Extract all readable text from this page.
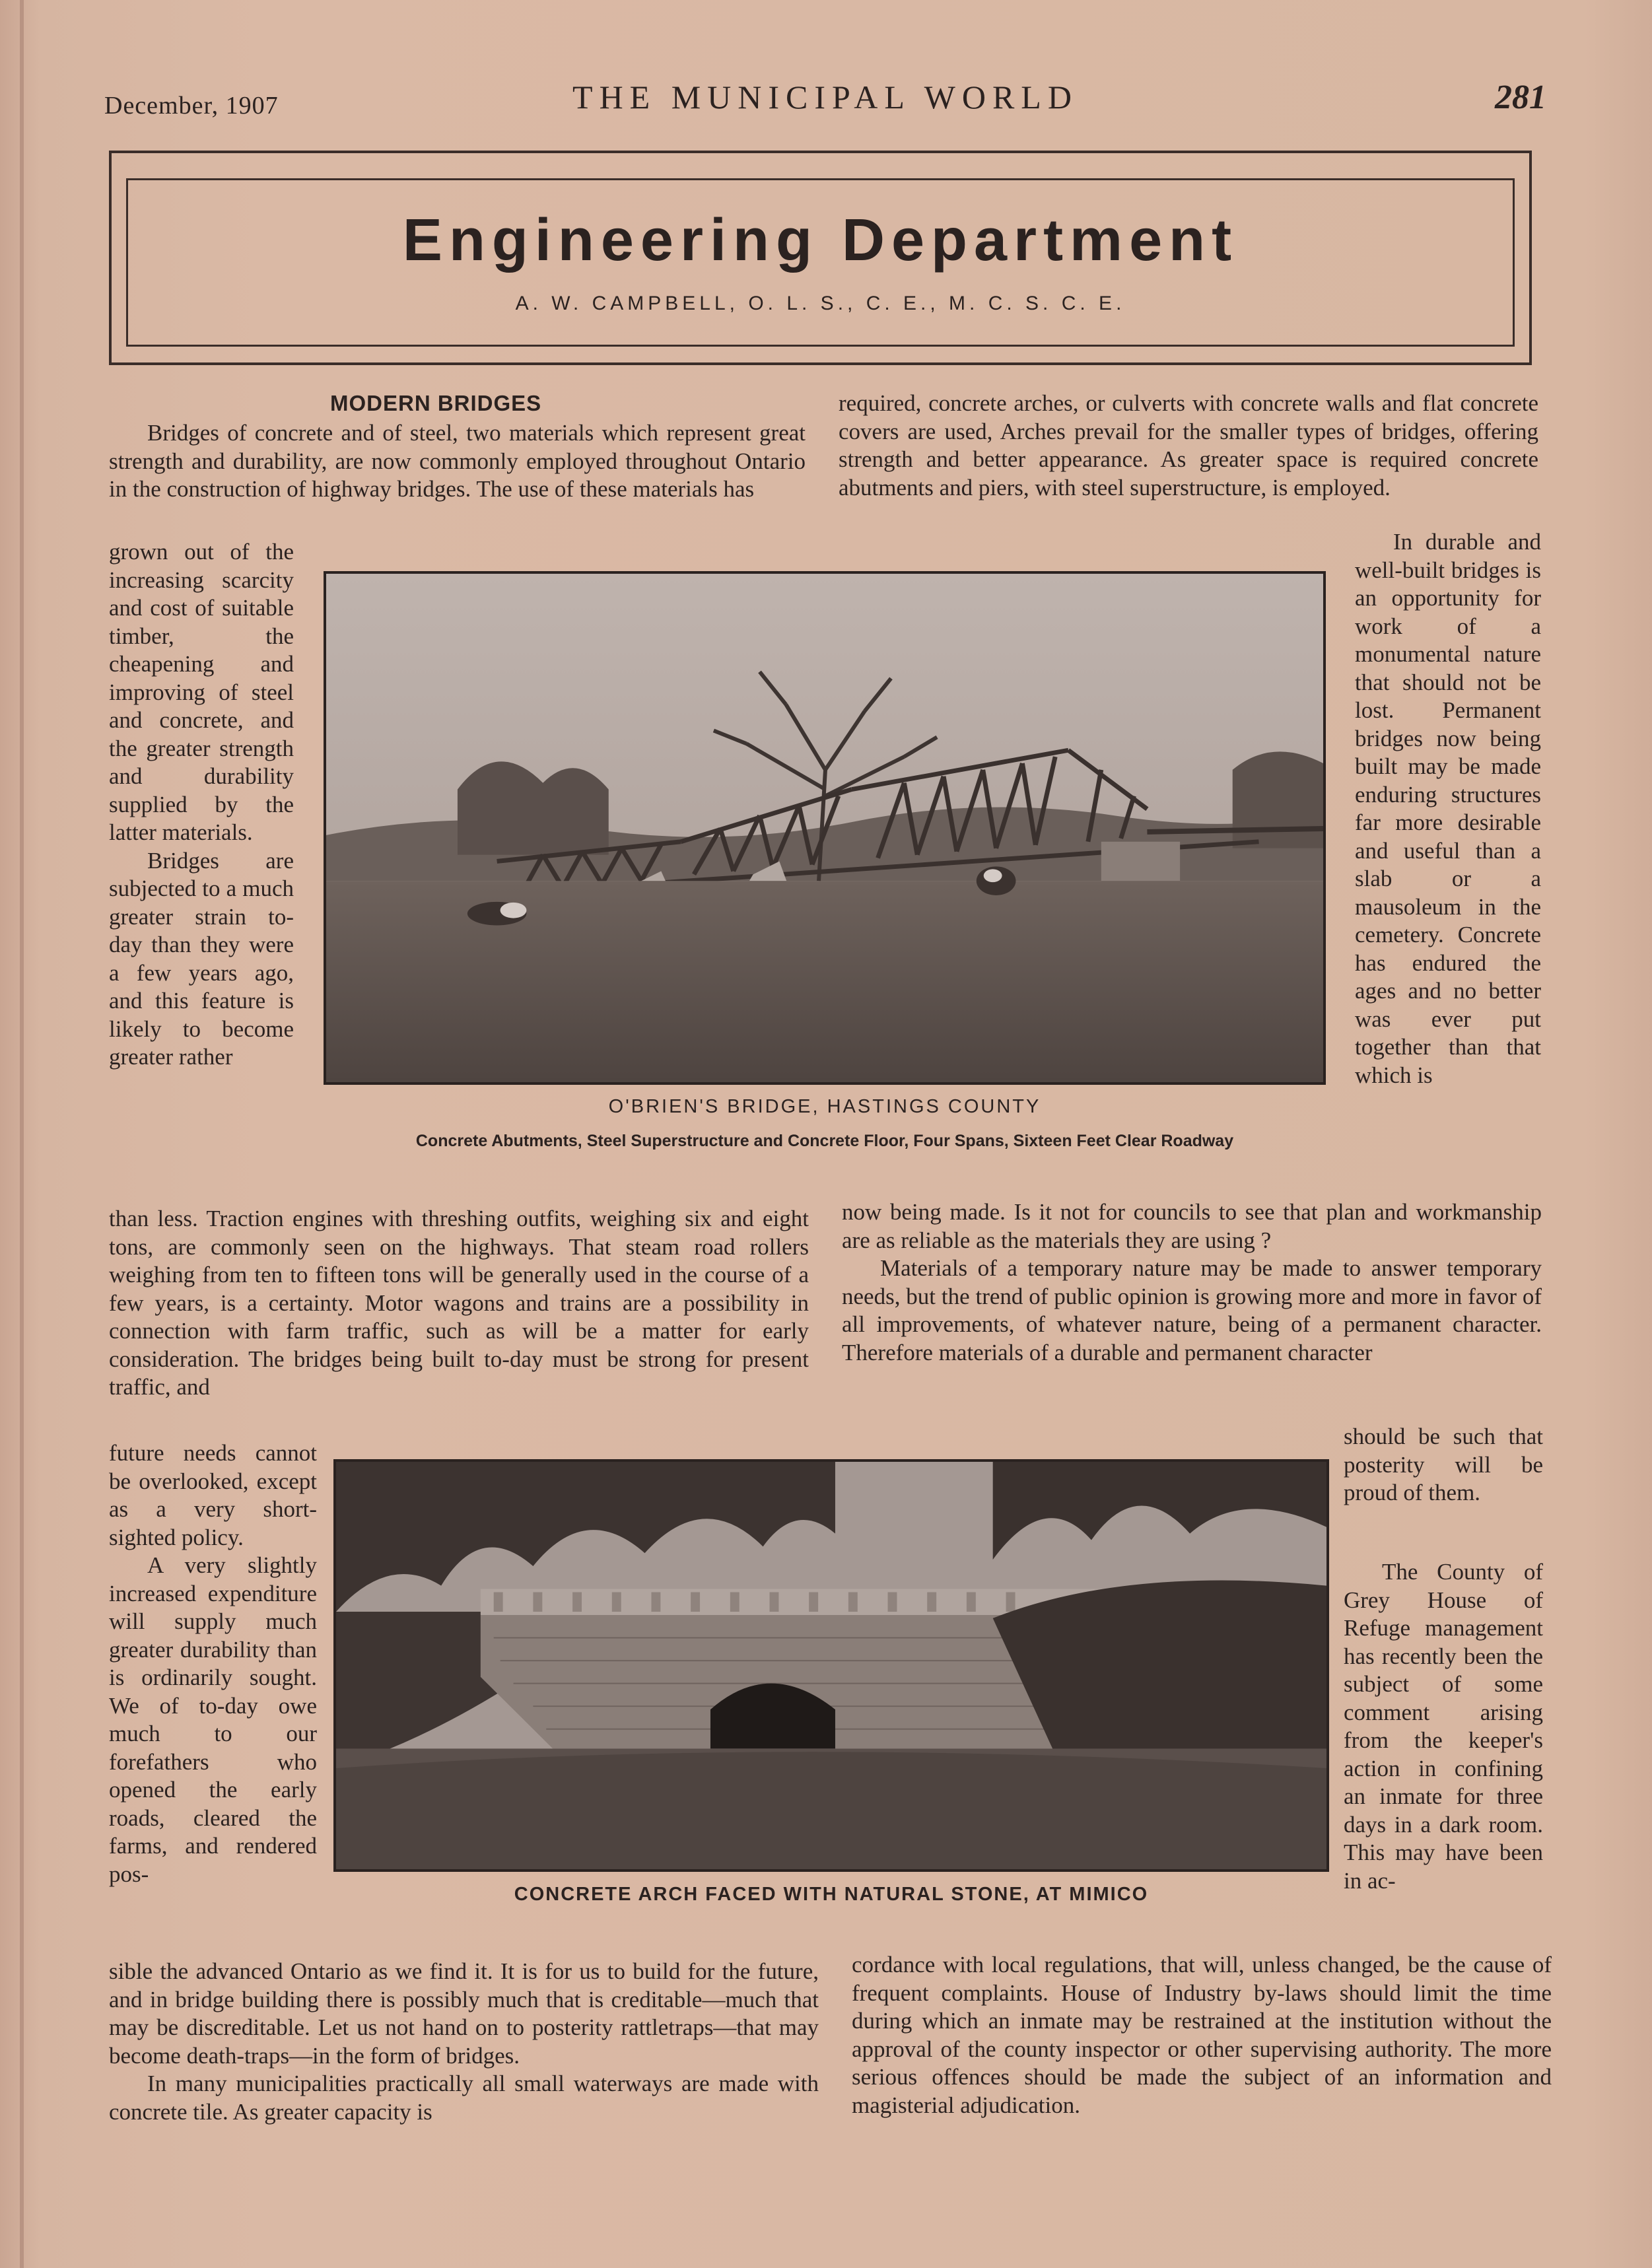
December, 1907	THE MUNICIPAL WORLD	281
Engineering Department
A. W. CAMPBELL, O. L. S., C. E., M. C. S. C. E.
MODERN BRIDGES

Bridges of concrete and of steel, two materials which represent great strength and durability, are now commonly employed throughout Ontario in the construction of highway bridges. The use of these materials has

grown out of the increasing scarcity and cost of suitable timber, the cheapening and improving of steel and concrete, and the greater strength and durability supplied by the latter materials.

Bridges are subjected to a much greater strain to-day than they were a few years ago, and this feature is likely to become greater rather

than less. Traction engines with threshing outfits, weighing six and eight tons, are commonly seen on the highways. That steam road rollers weighing from ten to fifteen tons will be generally used in the course of a few years, is a certainty. Motor wagons and trains are a possibility in connection with farm traffic, such as will be a matter for early consideration. The bridges being built to-day must be strong for present traffic, and

future needs cannot be overlooked, except as a very short-sighted policy.

A very slightly increased expenditure will supply much greater durability than is ordinarily sought. We of to-day owe much to our forefathers who opened the early roads, cleared the farms, and rendered pos-

sible the advanced Ontario as we find it. It is for us to build for the future, and in bridge building there is possibly much that is creditable—much that may be discreditable. Let us not hand on to posterity rattletraps—that may become death-traps—in the form of bridges.

In many municipalities practically all small waterways are made with concrete tile. As greater capacity is

required, concrete arches, or culverts with concrete walls and flat concrete covers are used, Arches prevail for the smaller types of bridges, offering strength and better appearance. As greater space is required concrete abutments and piers, with steel superstructure, is employed.

In durable and well-built bridges is an opportunity for work of a monumental nature that should not be lost. Permanent bridges now being built may be made enduring structures far more desirable and useful than a slab or a mausoleum in the cemetery. Concrete has endured the ages and no better was ever put together than that which is

now being made. Is it not for councils to see that plan and workmanship are as reliable as the materials they are using ?

Materials of a temporary nature may be made to answer temporary needs, but the trend of public opinion is growing more and more in favor of all improvements, of whatever nature, being of a permanent character. Therefore materials of a durable and permanent character

should be such that posterity will be proud of them.

The County of Grey House of Refuge management has recently been the subject of some comment arising from the keeper's action in confining an inmate for three days in a dark room. This may have been in ac-

cordance with local regulations, that will, unless changed, be the cause of frequent complaints. House of Industry by-laws should limit the time during which an inmate may be restrained at the institution without the approval of the county inspector or other supervising authority. The more serious offences should be made the subject of an information and magisterial adjudication.

O'BRIEN'S BRIDGE, HASTINGS COUNTY
Concrete Abutments, Steel Superstructure and Concrete Floor, Four Spans, Sixteen Feet Clear Roadway
CONCRETE ARCH FACED WITH NATURAL STONE, AT MIMICO
